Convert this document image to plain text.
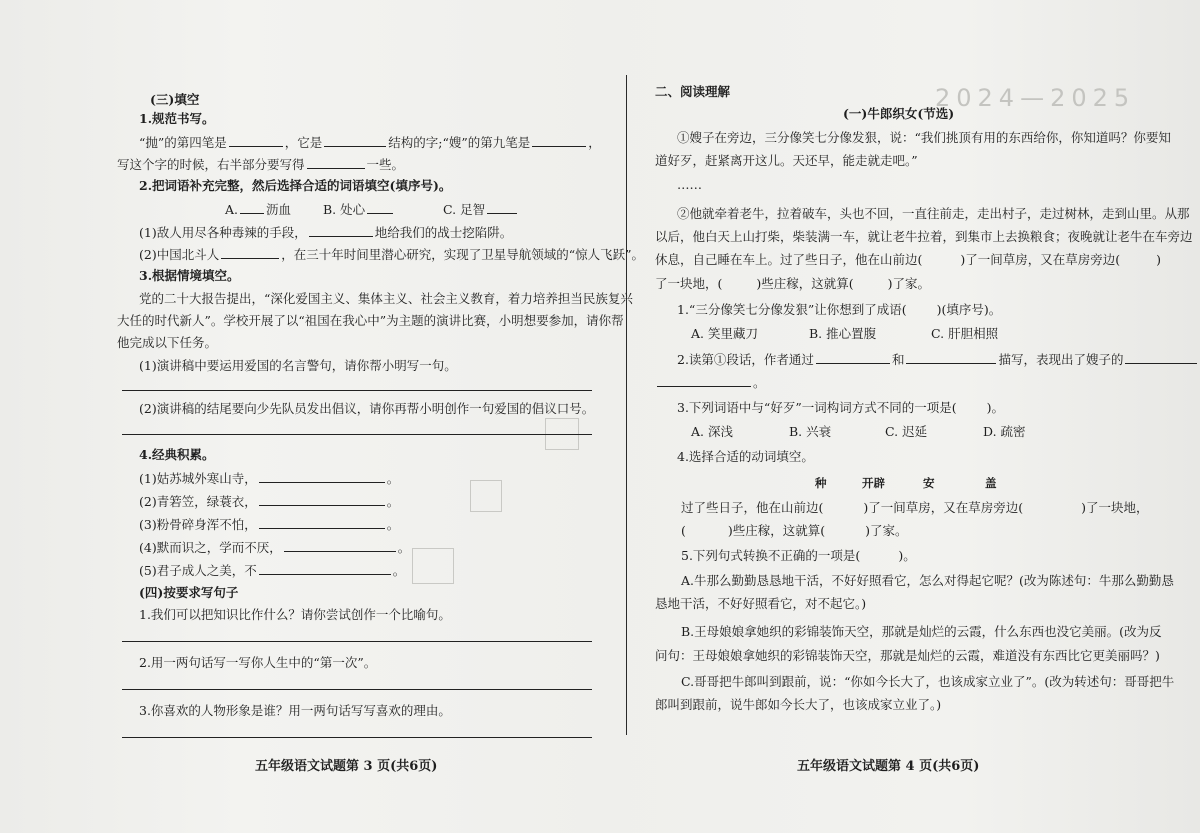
2024—2025
(三)填空
1.规范书写。
“抛”的第四笔是	，它是	结构的字;“嫂”的第九笔是	，
写这个字的时候，右半部分要写得	一些。
2.把词语补充完整，然后选择合适的词语填空(填序号)。
A. 沥血	B. 处心	C. 足智
(1)敌人用尽各种毒辣的手段，	地给我们的战士挖陷阱。
(2)中国北斗人	，在三十年时间里潜心研究，实现了卫星导航领域的“惊人飞跃”。
3.根据情境填空。
党的二十大报告提出，“深化爱国主义、集体主义、社会主义教育，着力培养担当民族复兴
大任的时代新人”。学校开展了以“祖国在我心中”为主题的演讲比赛，小明想要参加，请你帮
他完成以下任务。
(1)演讲稿中要运用爱国的名言警句，请你帮小明写一句。
(2)演讲稿的结尾要向少先队员发出倡议，请你再帮小明创作一句爱国的倡议口号。
4.经典积累。
(1)姑苏城外寒山寺，	。
(2)青箬笠，绿蓑衣，	。
(3)粉骨碎身浑不怕，	。
(4)默而识之，学而不厌，	。
(5)君子成人之美，不	。
(四)按要求写句子
1.我们可以把知识比作什么？请你尝试创作一个比喻句。
2.用一两句话写一写你人生中的“第一次”。
3.你喜欢的人物形象是谁？用一两句话写写喜欢的理由。
五年级语文试题第 3 页(共6页)
二、阅读理解
(一)牛郎织女(节选)
①嫂子在旁边，三分像笑七分像发狠，说：“我们挑顶有用的东西给你，你知道吗？你要知
道好歹，赶紧离开这儿。天还早，能走就走吧。”
……
②他就牵着老牛，拉着破车，头也不回，一直往前走，走出村子，走过树林，走到山里。从那
以后，他白天上山打柴，柴装满一车，就让老牛拉着，到集市上去换粮食；夜晚就让老牛在车旁边
休息，自己睡在车上。过了些日子，他在山前边(	)了一间草房，又在草房旁边(	)
了一块地，(	)些庄稼，这就算(	)了家。
1.“三分像笑七分像发狠”让你想到了成语( )(填序号)。
A. 笑里藏刀	B. 推心置腹	C. 肝胆相照
2.读第①段话，作者通过	和	描写，表现出了嫂子的
。
3.下列词语中与“好歹”一词构词方式不同的一项是( )。
A. 深浅	B. 兴衰	C. 迟延	D. 疏密
4.选择合适的动词填空。
种	开辟	安	盖
过了些日子，他在山前边(	)了一间草房，又在草房旁边(	)了一块地，
(	)些庄稼，这就算(	)了家。
5.下列句式转换不正确的一项是(	)。
A.牛那么勤勤恳恳地干活，不好好照看它，怎么对得起它呢？(改为陈述句：牛那么勤勤恳
恳地干活，不好好照看它，对不起它。)
B.王母娘娘拿她织的彩锦装饰天空，那就是灿烂的云霞，什么东西也没它美丽。(改为反
问句：王母娘娘拿她织的彩锦装饰天空，那就是灿烂的云霞，难道没有东西比它更美丽吗？)
C.哥哥把牛郎叫到跟前，说：“你如今长大了，也该成家立业了”。(改为转述句：哥哥把牛
郎叫到跟前，说牛郎如今长大了，也该成家立业了。)
五年级语文试题第 4 页(共6页)
